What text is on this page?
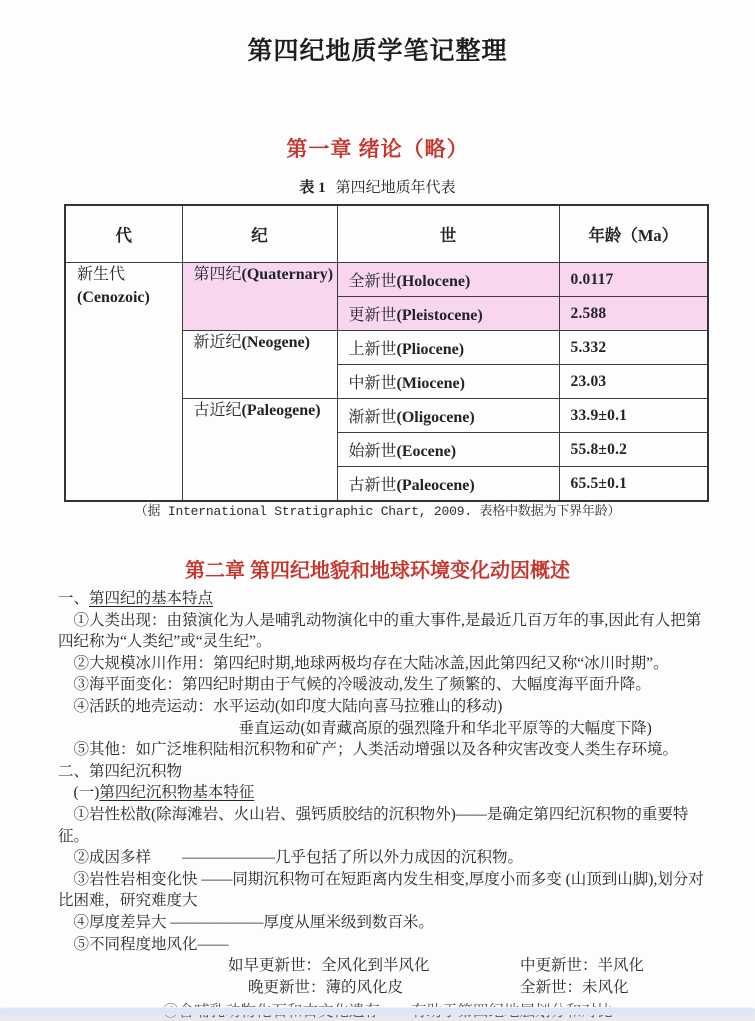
第四纪地质学笔记整理
第一章 绪论（略）
表 1 第四纪地质年代表
代	纪	世	年龄（Ma）
新生代
(Cenozoic)	第四纪(Quaternary)	全新世(Holocene)	0.0117
		更新世(Pleistocene)	2.588
	新近纪(Neogene)	上新世(Pliocene)	5.332
		中新世(Miocene)	23.03
	古近纪(Paleogene)	渐新世(Oligocene)	33.9±0.1
		始新世(Eocene)	55.8±0.2
		古新世(Paleocene)	65.5±0.1
（据 International Stratigraphic Chart, 2009. 表格中数据为下界年龄）
第二章 第四纪地貌和地球环境变化动因概述

一、第四纪的基本特点

①人类出现：由猿演化为人是哺乳动物演化中的重大事件,是最近几百万年的事,因此有人把第四纪称为“人类纪”或“灵生纪”。

②大规模冰川作用：第四纪时期,地球两极均存在大陆冰盖,因此第四纪又称“冰川时期”。

③海平面变化：第四纪时期由于气候的冷暖波动,发生了频繁的、大幅度海平面升降。

④活跃的地壳运动：水平运动(如印度大陆向喜马拉雅山的移动)

垂直运动(如青藏高原的强烈隆升和华北平原等的大幅度下降)

⑤其他：如广泛堆积陆相沉积物和矿产；人类活动增强以及各种灾害改变人类生存环境。

二、第四纪沉积物

(一)第四纪沉积物基本特征

①岩性松散(除海滩岩、火山岩、强钙质胶结的沉积物外)——是确定第四纪沉积物的重要特征。

②成因多样　　——————几乎包括了所以外力成因的沉积物。

③岩性岩相变化快 ——同期沉积物可在短距离内发生相变,厚度小而多变 (山顶到山脚),划分对比困难，研究难度大

④厚度差异大 ——————厚度从厘米级到数百米。

⑤不同程度地风化——

如早更新世：全风化到半风化	中更新世：半风化
晚更新世：薄的风化皮	全新世：未风化
